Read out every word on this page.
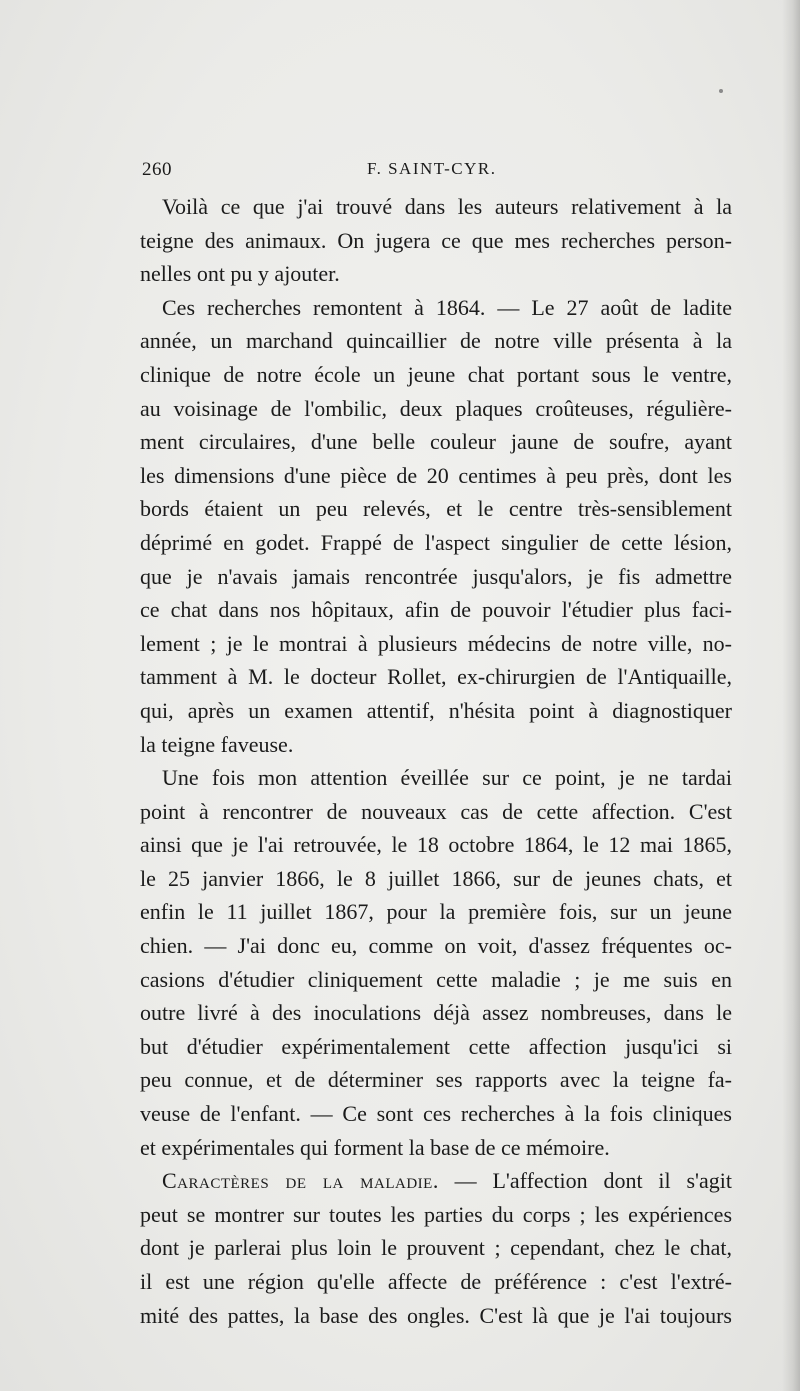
260	F. SAINT-CYR.
Voilà ce que j'ai trouvé dans les auteurs relativement à la
teigne des animaux. On jugera ce que mes recherches person-
nelles ont pu y ajouter.
Ces recherches remontent à 1864. — Le 27 août de ladite
année, un marchand quincaillier de notre ville présenta à la
clinique de notre école un jeune chat portant sous le ventre,
au voisinage de l'ombilic, deux plaques croûteuses, régulière-
ment circulaires, d'une belle couleur jaune de soufre, ayant
les dimensions d'une pièce de 20 centimes à peu près, dont les
bords étaient un peu relevés, et le centre très-sensiblement
déprimé en godet. Frappé de l'aspect singulier de cette lésion,
que je n'avais jamais rencontrée jusqu'alors, je fis admettre
ce chat dans nos hôpitaux, afin de pouvoir l'étudier plus faci-
lement ; je le montrai à plusieurs médecins de notre ville, no-
tamment à M. le docteur Rollet, ex-chirurgien de l'Antiquaille,
qui, après un examen attentif, n'hésita point à diagnostiquer
la teigne faveuse.
Une fois mon attention éveillée sur ce point, je ne tardai
point à rencontrer de nouveaux cas de cette affection. C'est
ainsi que je l'ai retrouvée, le 18 octobre 1864, le 12 mai 1865,
le 25 janvier 1866, le 8 juillet 1866, sur de jeunes chats, et
enfin le 11 juillet 1867, pour la première fois, sur un jeune
chien. — J'ai donc eu, comme on voit, d'assez fréquentes oc-
casions d'étudier cliniquement cette maladie ; je me suis en
outre livré à des inoculations déjà assez nombreuses, dans le
but d'étudier expérimentalement cette affection jusqu'ici si
peu connue, et de déterminer ses rapports avec la teigne fa-
veuse de l'enfant. — Ce sont ces recherches à la fois cliniques
et expérimentales qui forment la base de ce mémoire.
Caractères de la maladie. — L'affection dont il s'agit
peut se montrer sur toutes les parties du corps ; les expériences
dont je parlerai plus loin le prouvent ; cependant, chez le chat,
il est une région qu'elle affecte de préférence : c'est l'extré-
mité des pattes, la base des ongles. C'est là que je l'ai toujours
